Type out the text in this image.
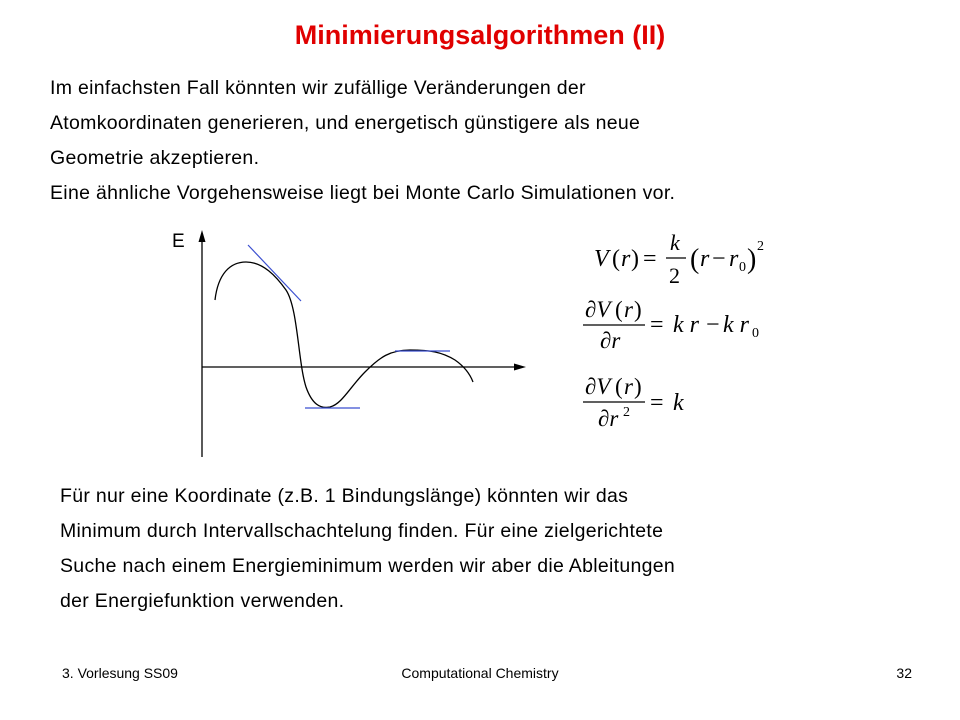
Minimierungsalgorithmen (II)
Im einfachsten Fall könnten wir zufällige Veränderungen der
Atomkoordinaten generieren, und energetisch günstigere als neue
Geometrie akzeptieren.
Eine ähnliche Vorgehensweise liegt bei Monte Carlo Simulationen vor.
E
V ( r ) =
k
2
( r − r 0 ) 2
∂V ( r )
∂r
= k r − k r 0
∂V ( r )
∂r 2 = k
Für nur eine Koordinate (z.B. 1 Bindungslänge) könnten wir das
Minimum durch Intervallschachtelung finden. Für eine zielgerichtete
Suche nach einem Energieminimum werden wir aber die Ableitungen
der Energiefunktion verwenden.
3. Vorlesung SS09	Computational Chemistry	32
